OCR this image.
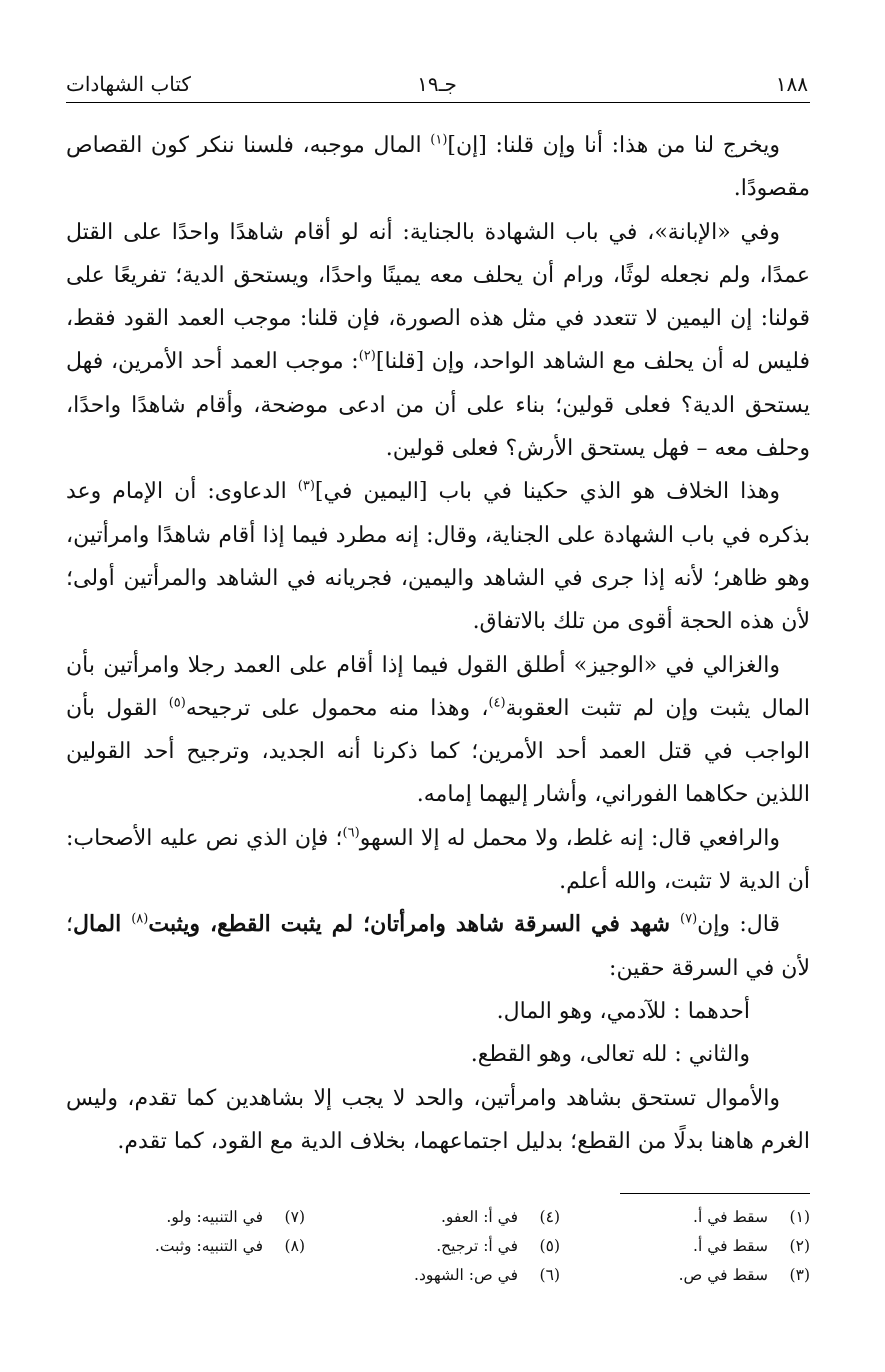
١٨٨
جـ١٩
كتاب الشهادات

ويخرج لنا من هذا: أنا وإن قلنا: [إن]$^{(١)}$ المال موجبه، فلسنا ننكر كون القصاص مقصودًا.

وفي «الإبانة»، في باب الشهادة بالجناية: أنه لو أقام شاهدًا واحدًا على القتل عمدًا، ولم نجعله لوثًا، ورام أن يحلف معه يمينًا واحدًا، ويستحق الدية؛ تفريعًا على قولنا: إن اليمين لا تتعدد في مثل هذه الصورة، فإن قلنا: موجب العمد القود فقط، فليس له أن يحلف مع الشاهد الواحد، وإن [قلنا]$^{(٢)}$: موجب العمد أحد الأمرين، فهل يستحق الدية؟ فعلى قولين؛ بناء على أن من ادعى موضحة، وأقام شاهدًا واحدًا، وحلف معه – فهل يستحق الأرش؟ فعلى قولين.

وهذا الخلاف هو الذي حكينا في باب [اليمين في]$^{(٣)}$ الدعاوى: أن الإمام وعد بذكره في باب الشهادة على الجناية، وقال: إنه مطرد فيما إذا أقام شاهدًا وامرأتين، وهو ظاهر؛ لأنه إذا جرى في الشاهد واليمين، فجريانه في الشاهد والمرأتين أولى؛ لأن هذه الحجة أقوى من تلك بالاتفاق.

والغزالي في «الوجيز» أطلق القول فيما إذا أقام على العمد رجلا وامرأتين بأن المال يثبت وإن لم تثبت العقوبة$^{(٤)}$، وهذا منه محمول على ترجيحه$^{(٥)}$ القول بأن الواجب في قتل العمد أحد الأمرين؛ كما ذكرنا أنه الجديد، وترجيح أحد القولين اللذين حكاهما الفوراني، وأشار إليهما إمامه.

والرافعي قال: إنه غلط، ولا محمل له إلا السهو$^{(٦)}$؛ فإن الذي نص عليه الأصحاب: أن الدية لا تثبت، والله أعلم.

قال: وإن$^{(٧)}$ شهد في السرقة شاهد وامرأتان؛ لم يثبت القطع، ويثبت$^{(٨)}$ المال؛ لأن في السرقة حقين:

أحدهما : للآدمي، وهو المال.

والثاني : لله تعالى، وهو القطع.

والأموال تستحق بشاهد وامرأتين، والحد لا يجب إلا بشاهدين كما تقدم، وليس الغرم هاهنا بدلًا من القطع؛ بدليل اجتماعهما، بخلاف الدية مع القود، كما تقدم.

(١)سقط في أ.
(٤)في أ: العفو.
(٧)في التنبيه: ولو.
(٢)سقط في أ.
(٥)في أ: ترجيح.
(٨)في التنبيه: وثبت.
(٣)سقط في ص.
(٦)في ص: الشهود.
